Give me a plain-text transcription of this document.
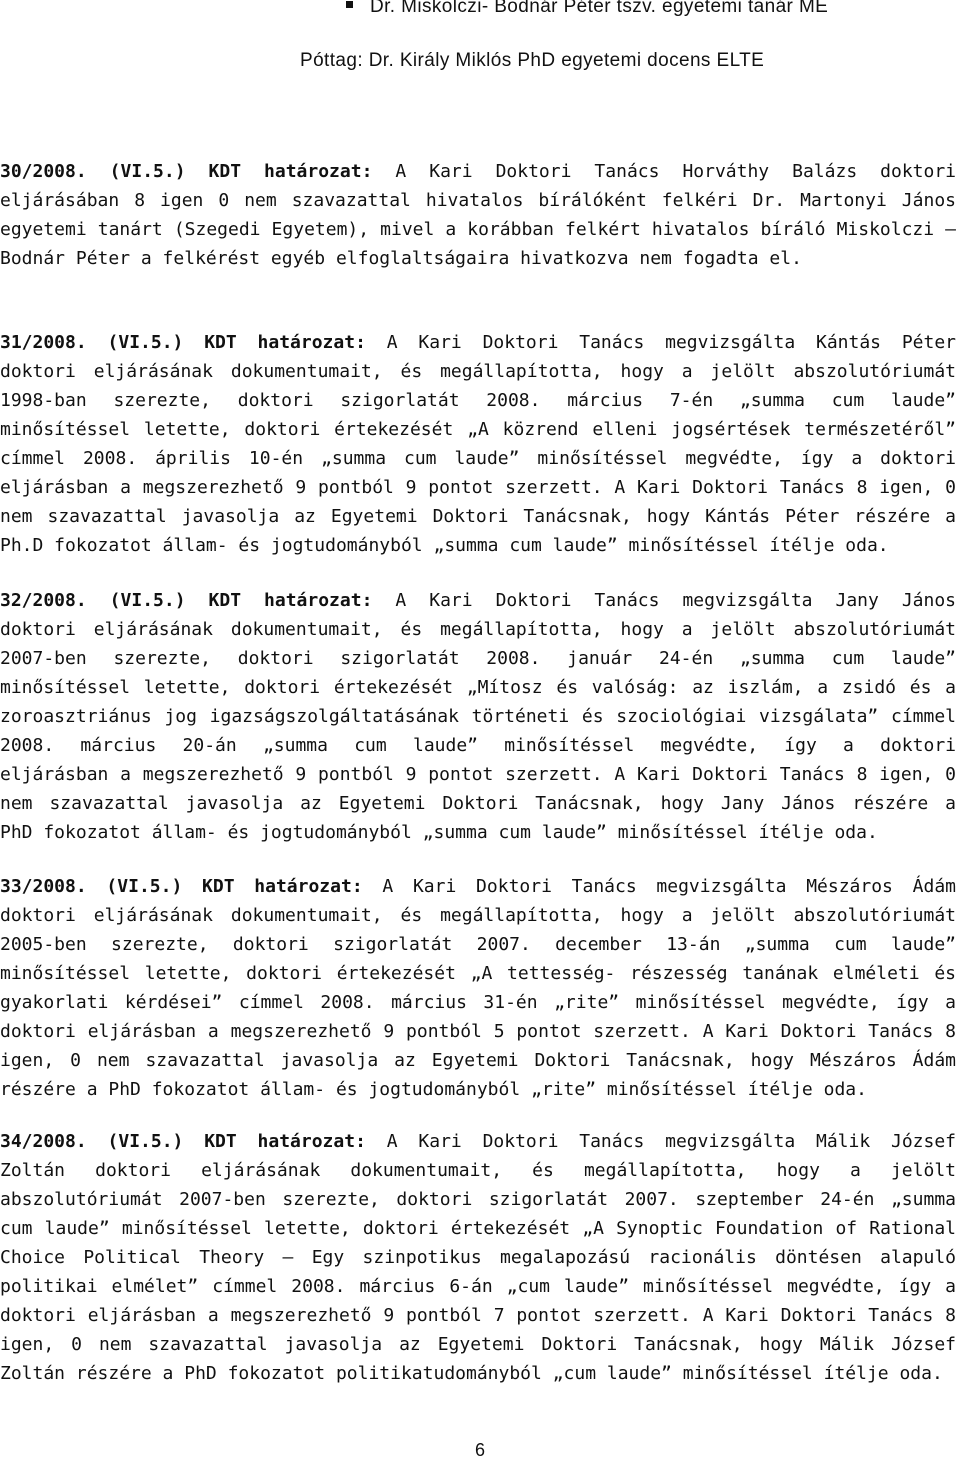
Dr. Miskolczi- Bodnár Péter tszv. egyetemi tanár ME
Póttag: Dr. Király Miklós PhD egyetemi docens ELTE
30/2008. (VI.5.) KDT határozat: A Kari Doktori Tanács Horváthy Balázs doktori
eljárásában 8 igen 0 nem szavazattal hivatalos bírálóként felkéri Dr. Martonyi János
egyetemi tanárt (Szegedi Egyetem), mivel a korábban felkért hivatalos bíráló Miskolczi –
Bodnár Péter a felkérést egyéb elfoglaltságaira hivatkozva nem fogadta el.
31/2008. (VI.5.) KDT határozat: A Kari Doktori Tanács megvizsgálta Kántás Péter
doktori eljárásának dokumentumait, és megállapította, hogy a jelölt abszolutóriumát
1998-ban szerezte, doktori szigorlatát 2008. március 7-én „summa cum laude”
minősítéssel letette, doktori értekezését „A közrend elleni jogsértések természetéről”
címmel 2008. április 10-én „summa cum laude” minősítéssel megvédte, így a doktori
eljárásban a megszerezhető 9 pontból 9 pontot szerzett. A Kari Doktori Tanács 8 igen, 0
nem szavazattal javasolja az Egyetemi Doktori Tanácsnak, hogy Kántás Péter részére a
Ph.D fokozatot állam- és jogtudományból „summa cum laude” minősítéssel ítélje oda.
32/2008. (VI.5.) KDT határozat: A Kari Doktori Tanács megvizsgálta Jany János
doktori eljárásának dokumentumait, és megállapította, hogy a jelölt abszolutóriumát
2007-ben szerezte, doktori szigorlatát 2008. január 24-én „summa cum laude”
minősítéssel letette, doktori értekezését „Mítosz és valóság: az iszlám, a zsidó és a
zoroasztriánus jog igazságszolgáltatásának történeti és szociológiai vizsgálata” címmel
2008. március 20-án „summa cum laude” minősítéssel megvédte, így a doktori
eljárásban a megszerezhető 9 pontból 9 pontot szerzett. A Kari Doktori Tanács 8 igen, 0
nem szavazattal javasolja az Egyetemi Doktori Tanácsnak, hogy Jany János részére a
PhD fokozatot állam- és jogtudományból „summa cum laude” minősítéssel ítélje oda.
33/2008. (VI.5.) KDT határozat: A Kari Doktori Tanács megvizsgálta Mészáros Ádám
doktori eljárásának dokumentumait, és megállapította, hogy a jelölt abszolutóriumát
2005-ben szerezte, doktori szigorlatát 2007. december 13-án „summa cum laude”
minősítéssel letette, doktori értekezését „A tettesség- részesség tanának elméleti és
gyakorlati kérdései” címmel 2008. március 31-én „rite” minősítéssel megvédte, így a
doktori eljárásban a megszerezhető 9 pontból 5 pontot szerzett. A Kari Doktori Tanács 8
igen, 0 nem szavazattal javasolja az Egyetemi Doktori Tanácsnak, hogy Mészáros Ádám
részére a PhD fokozatot állam- és jogtudományból „rite” minősítéssel ítélje oda.
34/2008. (VI.5.) KDT határozat: A Kari Doktori Tanács megvizsgálta Málik József
Zoltán doktori eljárásának dokumentumait, és megállapította, hogy a jelölt
abszolutóriumát 2007-ben szerezte, doktori szigorlatát 2007. szeptember 24-én „summa
cum laude” minősítéssel letette, doktori értekezését „A Synoptic Foundation of Rational
Choice Political Theory – Egy szinpotikus megalapozású racionális döntésen alapuló
politikai elmélet” címmel 2008. március 6-án „cum laude” minősítéssel megvédte, így a
doktori eljárásban a megszerezhető 9 pontból 7 pontot szerzett. A Kari Doktori Tanács 8
igen, 0 nem szavazattal javasolja az Egyetemi Doktori Tanácsnak, hogy Málik József
Zoltán részére a PhD fokozatot politikatudományból „cum laude” minősítéssel ítélje oda.
6
